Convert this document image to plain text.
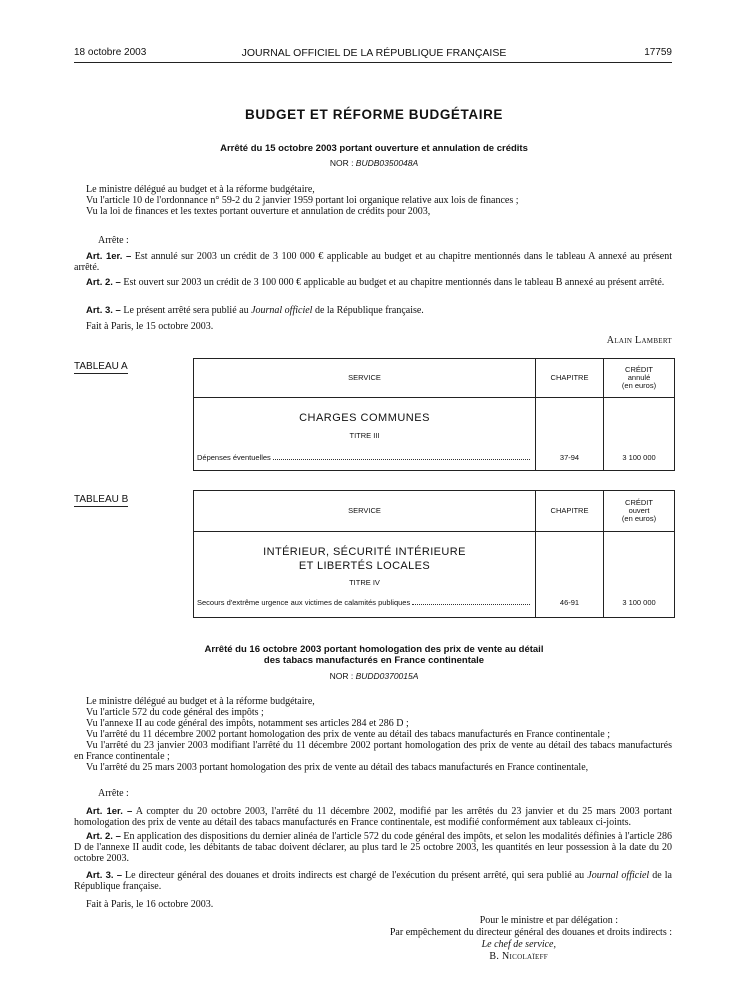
18 octobre 2003	JOURNAL OFFICIEL DE LA RÉPUBLIQUE FRANÇAISE	17759
BUDGET ET RÉFORME BUDGÉTAIRE
Arrêté du 15 octobre 2003 portant ouverture et annulation de crédits
NOR : BUDB0350048A

Le ministre délégué au budget et à la réforme budgétaire,

Vu l'article 10 de l'ordonnance n° 59-2 du 2 janvier 1959 portant loi organique relative aux lois de finances ;

Vu la loi de finances et les textes portant ouverture et annulation de crédits pour 2003,

Arrête :

Art. 1er. – Est annulé sur 2003 un crédit de 3 100 000 € applicable au budget et au chapitre mentionnés dans le tableau A annexé au présent arrêté.

Art. 2. – Est ouvert sur 2003 un crédit de 3 100 000 € applicable au budget et au chapitre mentionnés dans le tableau B annexé au présent arrêté.

Art. 3. – Le présent arrêté sera publié au Journal officiel de la République française.

Fait à Paris, le 15 octobre 2003.
Alain Lambert
TABLEAU A
SERVICE	CHAPITRE
CRÉDIT
annulé
(en euros)
CHARGES COMMUNES
TITRE III
Dépenses éventuelles	37-94	3 100 000
TABLEAU B
SERVICE	CHAPITRE
CRÉDIT
ouvert
(en euros)
INTÉRIEUR, SÉCURITÉ INTÉRIEURE
ET LIBERTÉS LOCALES
TITRE IV
Secours d'extrême urgence aux victimes de calamités publiques	46-91	3 100 000
Arrêté du 16 octobre 2003 portant homologation des prix de vente au détail
des tabacs manufacturés en France continentale
NOR : BUDD0370015A

Le ministre délégué au budget et à la réforme budgétaire,

Vu l'article 572 du code général des impôts ;

Vu l'annexe II au code général des impôts, notamment ses articles 284 et 286 D ;

Vu l'arrêté du 11 décembre 2002 portant homologation des prix de vente au détail des tabacs manufacturés en France continentale ;

Vu l'arrêté du 23 janvier 2003 modifiant l'arrêté du 11 décembre 2002 portant homologation des prix de vente au détail des tabacs manufacturés en France continentale ;

Vu l'arrêté du 25 mars 2003 portant homologation des prix de vente au détail des tabacs manufacturés en France continentale,

Arrête :

Art. 1er. – A compter du 20 octobre 2003, l'arrêté du 11 décembre 2002, modifié par les arrêtés du 23 janvier et du 25 mars 2003 portant homologation des prix de vente au détail des tabacs manufacturés en France continentale, est modifié conformément aux tableaux ci-joints.

Art. 2. – En application des dispositions du dernier alinéa de l'article 572 du code général des impôts, et selon les modalités définies à l'article 286 D de l'annexe II audit code, les débitants de tabac doivent déclarer, au plus tard le 25 octobre 2003, les quantités en leur possession à la date du 20 octobre 2003.

Art. 3. – Le directeur général des douanes et droits indirects est chargé de l'exécution du présent arrêté, qui sera publié au Journal officiel de la République française.

Fait à Paris, le 16 octobre 2003.
Pour le ministre et par délégation :
Par empêchement du directeur général des douanes et droits indirects :
Le chef de service,
B. Nicolaïeff
